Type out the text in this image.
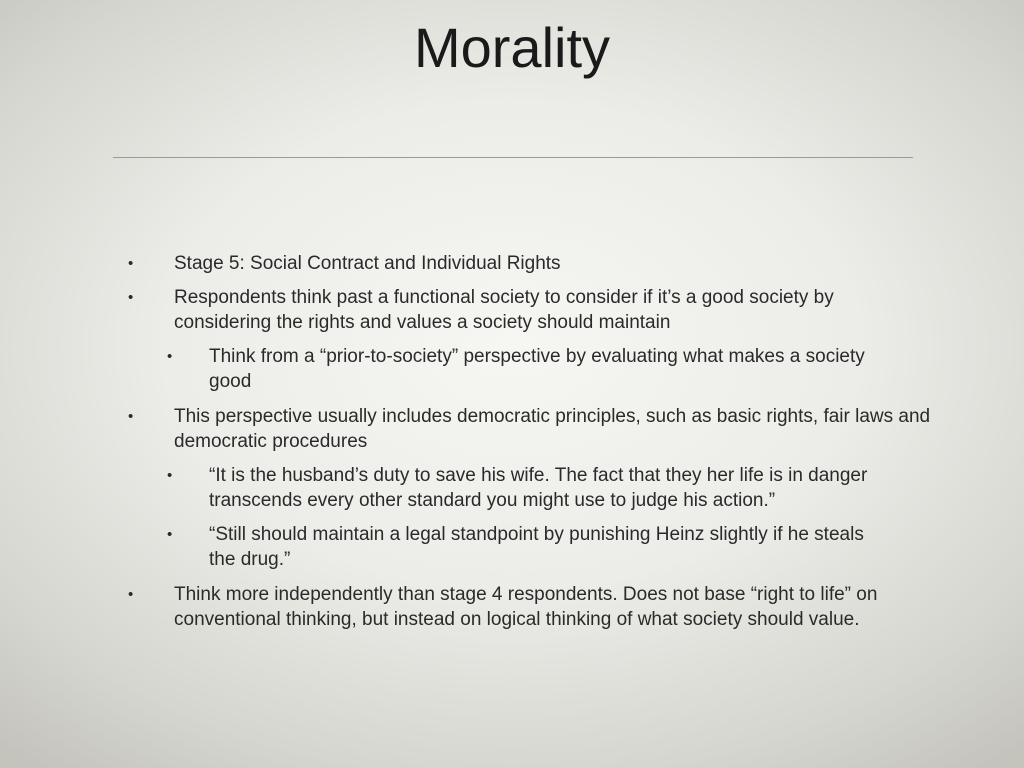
Morality
• Stage 5: Social Contract and Individual Rights
• Respondents think past a functional society to consider if it’s a good society by considering the rights and values a society should maintain
• Think from a “prior-to-society” perspective by evaluating what makes a society good
• This perspective usually includes democratic principles, such as basic rights, fair laws and democratic procedures
• “It is the husband’s duty to save his wife. The fact that they her life is in danger transcends every other standard you might use to judge his action.”
• “Still should maintain a legal standpoint by punishing Heinz slightly if he steals the drug.”
• Think more independently than stage 4 respondents. Does not base “right to life” on conventional thinking, but instead on logical thinking of what society should value.
